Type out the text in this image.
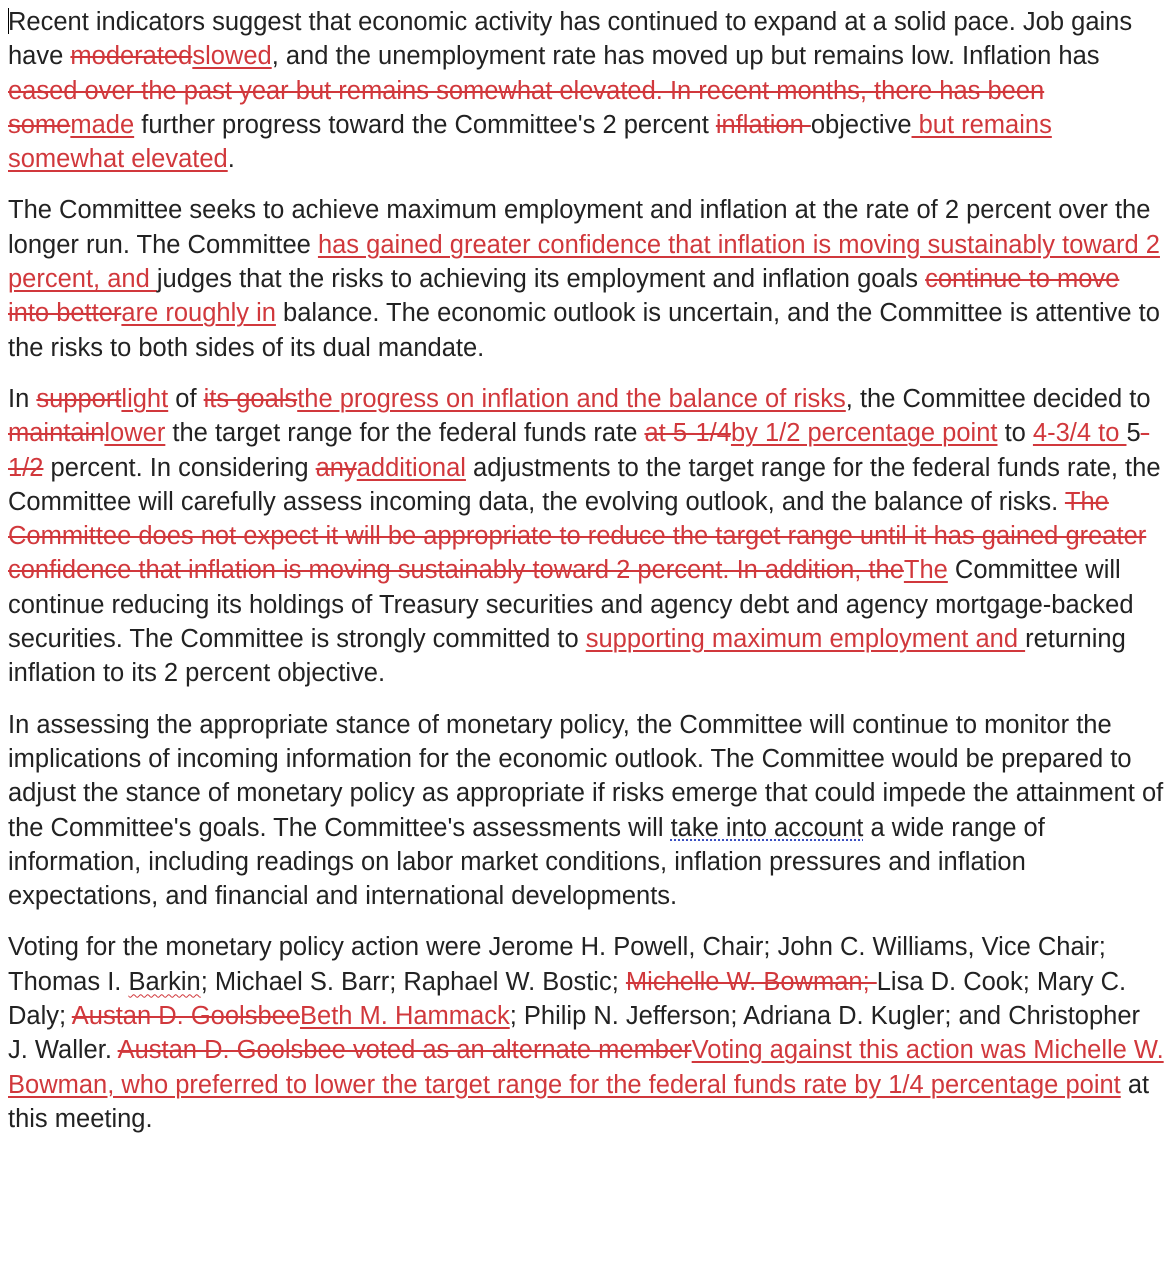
Recent indicators suggest that economic activity has continued to expand at a solid pace. Job gains have moderatedslowed, and the unemployment rate has moved up but remains low. Inflation has eased over the past year but remains somewhat elevated. In recent months, there has been somemade further progress toward the Committee's 2 percent inflation objective but remains somewhat elevated.
The Committee seeks to achieve maximum employment and inflation at the rate of 2 percent over the longer run. The Committee has gained greater confidence that inflation is moving sustainably toward 2 percent, and judges that the risks to achieving its employment and inflation goals continue to move into betterare roughly in balance. The economic outlook is uncertain, and the Committee is attentive to the risks to both sides of its dual mandate.
In supportlight of its goalsthe progress on inflation and the balance of risks, the Committee decided to maintainlower the target range for the federal funds rate at 5-1/4by 1/2 percentage point to 4-3/4 to 5-1/2 percent. In considering anyadditional adjustments to the target range for the federal funds rate, the Committee will carefully assess incoming data, the evolving outlook, and the balance of risks. The Committee does not expect it will be appropriate to reduce the target range until it has gained greater confidence that inflation is moving sustainably toward 2 percent. In addition, theThe Committee will continue reducing its holdings of Treasury securities and agency debt and agency mortgage-backed securities. The Committee is strongly committed to supporting maximum employment and returning inflation to its 2 percent objective.
In assessing the appropriate stance of monetary policy, the Committee will continue to monitor the implications of incoming information for the economic outlook. The Committee would be prepared to adjust the stance of monetary policy as appropriate if risks emerge that could impede the attainment of the Committee's goals. The Committee's assessments will take into account a wide range of information, including readings on labor market conditions, inflation pressures and inflation expectations, and financial and international developments.
Voting for the monetary policy action were Jerome H. Powell, Chair; John C. Williams, Vice Chair; Thomas I. Barkin; Michael S. Barr; Raphael W. Bostic; Michelle W. Bowman; Lisa D. Cook; Mary C. Daly; Austan D. GoolsbeeBeth M. Hammack; Philip N. Jefferson; Adriana D. Kugler; and Christopher J. Waller. Austan D. Goolsbee voted as an alternate memberVoting against this action was Michelle W. Bowman, who preferred to lower the target range for the federal funds rate by 1/4 percentage point at this meeting.
